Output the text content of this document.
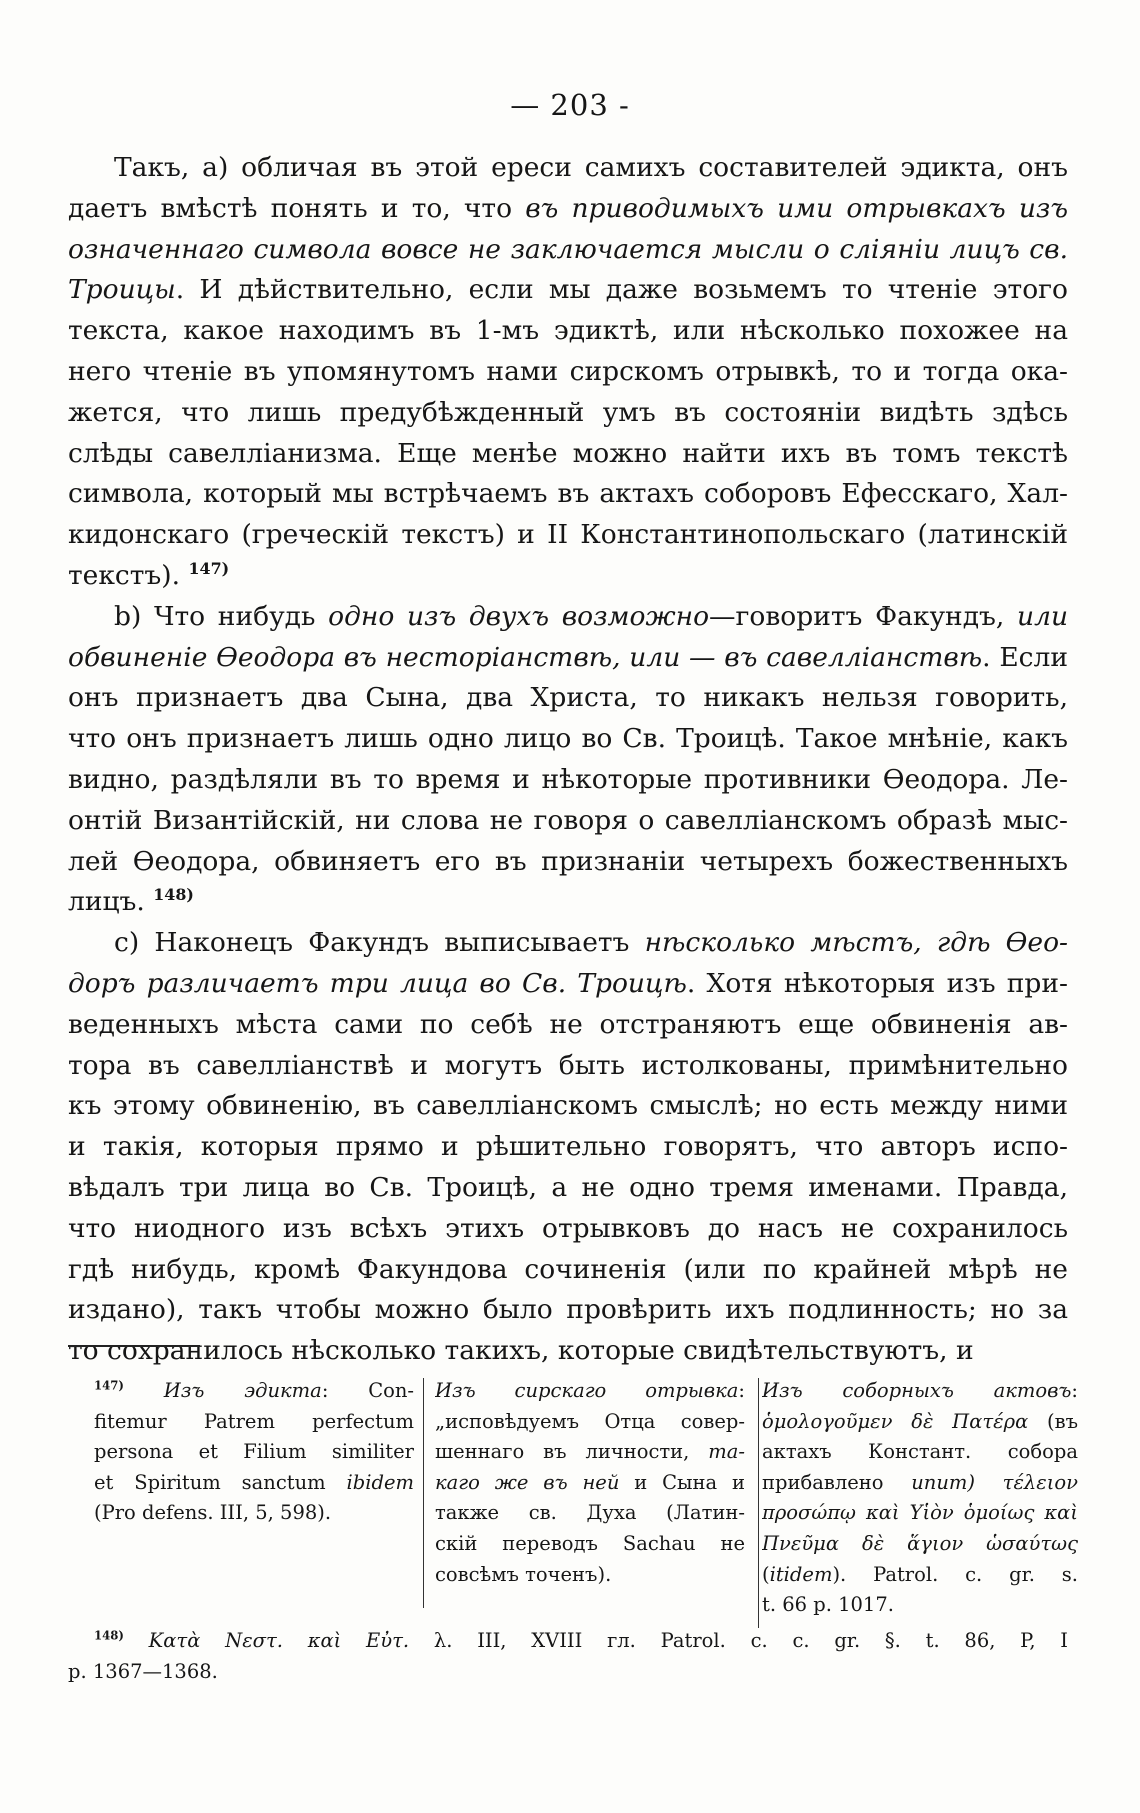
— 203 -
Такъ, а) обличая въ этой ереси самихъ составителей эдикта, онъ
даетъ вмѣстѣ понять и то, что въ приводимыхъ ими отрывкахъ изъ
означеннаго символа вовсе не заключается мысли о сліяніи лицъ св.
Троицы. И дѣйствительно, если мы даже возьмемъ то чтеніе этого
текста, какое находимъ въ 1-мъ эдиктѣ, или нѣсколько похожее на
него чтеніе въ упомянутомъ нами сирскомъ отрывкѣ, то и тогда ока-
жется, что лишь предубѣжденный умъ въ состояніи видѣть здѣсь
слѣды савелліанизма. Еще менѣе можно найти ихъ въ томъ текстѣ
символа, который мы встрѣчаемъ въ актахъ соборовъ Ефесскаго, Хал-
кидонскаго (греческій текстъ) и II Константинопольскаго (латинскій
текстъ). $^{147)}$
b) Что нибудь одно изъ двухъ возможно—говоритъ Факундъ, или
обвиненіе Ѳеодора въ несторіанствѣ, или — въ савелліанствѣ. Если
онъ признаетъ два Сына, два Христа, то никакъ нельзя говорить,
что онъ признаетъ лишь одно лицо во Св. Троицѣ. Такое мнѣніе, какъ
видно, раздѣляли въ то время и нѣкоторые противники Ѳеодора. Ле-
онтій Византійскій, ни слова не говоря о савелліанскомъ образѣ мыс-
лей Ѳеодора, обвиняетъ его въ признаніи четырехъ божественныхъ
лицъ. $^{148)}$
с) Наконецъ Факундъ выписываетъ нѣсколько мѣстъ, гдѣ Ѳео-
доръ различаетъ три лица во Св. Троицѣ. Хотя нѣкоторыя изъ при-
веденныхъ мѣста сами по себѣ не отстраняютъ еще обвиненія ав-
тора въ савелліанствѣ и могутъ быть истолкованы, примѣнительно
къ этому обвиненію, въ савелліанскомъ смыслѣ; но есть между ними
и такія, которыя прямо и рѣшительно говорятъ, что авторъ испо-
вѣдалъ три лица во Св. Троицѣ, а не одно тремя именами. Правда,
что ниодного изъ всѣхъ этихъ отрывковъ до насъ не сохранилось
гдѣ нибудь, кромѣ Факундова сочиненія (или по крайней мѣрѣ не
издано), такъ чтобы можно было провѣрить ихъ подлинность; но за
то сохранилось нѣсколько такихъ, которые свидѣтельствуютъ, и
$^{147)}$ Изъ эдикта: Con-
fitemur Patrem perfectum
persona et Filium similiter
et Spiritum sanctum ibidem
(Pro defens. III, 5, 598).
Изъ сирскаго отрывка:
„исповѣдуемъ Отца совер-
шеннаго въ личности, та-
каго же въ ней и Сына и
также св. Духа (Латин-
скій переводъ Sachau не
совсѣмъ точенъ).
Изъ соборныхъ актовъ:
ὁμολογοῦμεν δὲ Πατέρα (въ
актахъ Констант. собора
прибавлено ипит) τέλειον
προσώπῳ καὶ Υἱὸν ὁμοίως καὶ
Πνεῦμα δὲ ἅγιον ὡσαύτως
(itidem). Patrol. c. gr. s.
t. 66 p. 1017.
$^{148)}$ Κατὰ Νεστ. καὶ Εὐτ. λ. III, XVIII гл. Patrol. c. c. gr. §. t. 86, P, I
p. 1367—1368.
